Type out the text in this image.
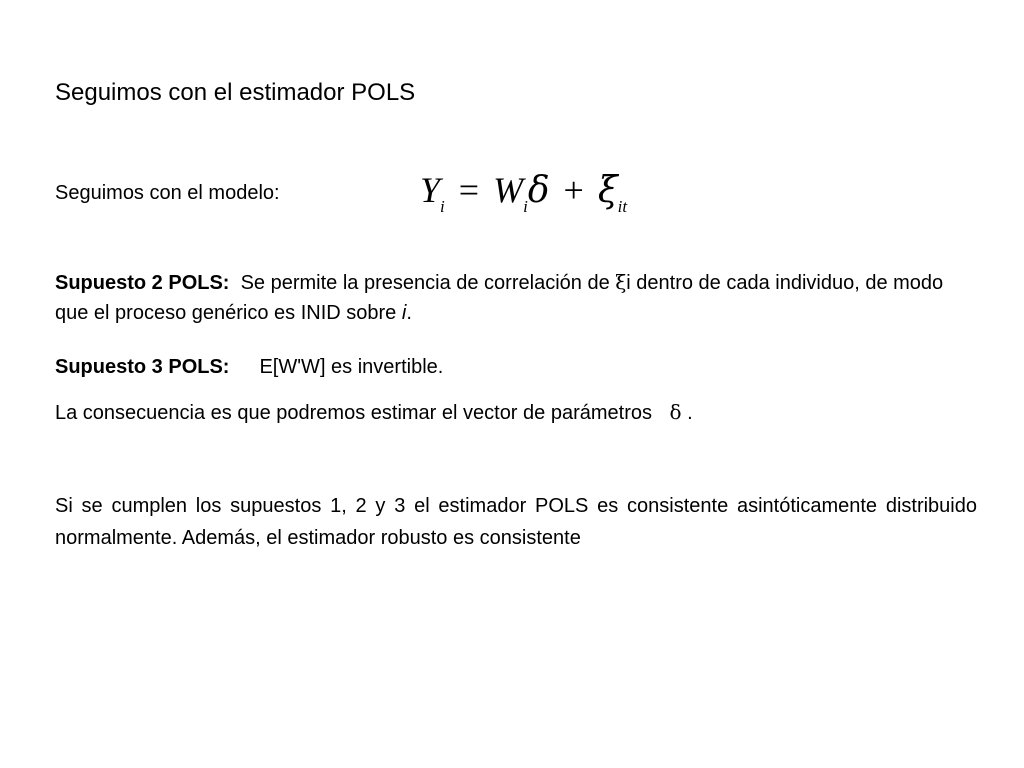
Seguimos con el estimador POLS
Seguimos con el modelo:	$Y_i = W_i\delta + \xi_{it}$
Supuesto 2 POLS: Se permite la presencia de correlación de ξi dentro de cada individuo, de modo que el proceso genérico es INID sobre i.
Supuesto 3 POLS: E[W'W] es invertible.
La consecuencia es que podremos estimar el vector de parámetros δ .
Si se cumplen los supuestos 1, 2 y 3 el estimador POLS es consistente asintóticamente distribuido normalmente. Además, el estimador robusto es consistente
